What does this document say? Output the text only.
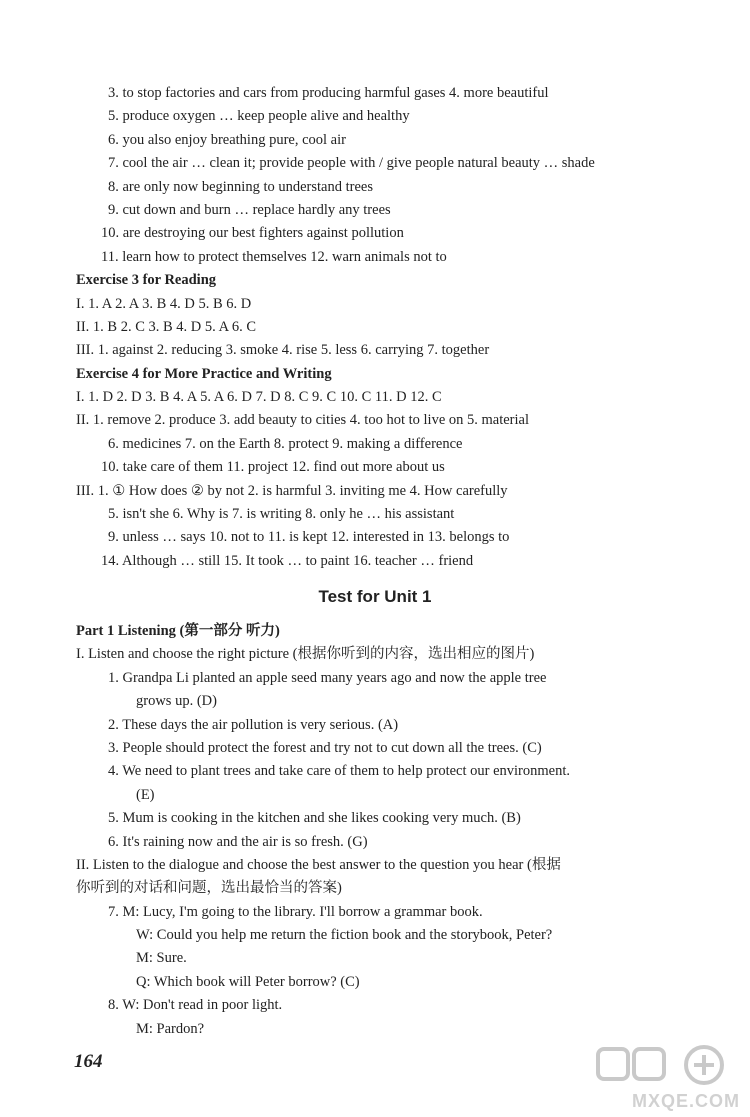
3. to stop factories and cars from producing harmful gases 4. more beautiful
5. produce oxygen … keep people alive and healthy
6. you also enjoy breathing pure, cool air
7. cool the air … clean it; provide people with / give people natural beauty … shade
8. are only now beginning to understand trees
9. cut down and burn … replace hardly any trees
10. are destroying our best fighters against pollution
11. learn how to protect themselves 12. warn animals not to
Exercise 3 for Reading
I. 1. A 2. A 3. B 4. D 5. B 6. D
II. 1. B 2. C 3. B 4. D 5. A 6. C
III. 1. against 2. reducing 3. smoke 4. rise 5. less 6. carrying 7. together
Exercise 4 for More Practice and Writing
I. 1. D 2. D 3. B 4. A 5. A 6. D 7. D 8. C 9. C 10. C 11. D 12. C
II. 1. remove 2. produce 3. add beauty to cities 4. too hot to live on 5. material
6. medicines 7. on the Earth 8. protect 9. making a difference
10. take care of them 11. project 12. find out more about us
III. 1. ① How does ② by not 2. is harmful 3. inviting me 4. How carefully
5. isn't she 6. Why is 7. is writing 8. only he … his assistant
9. unless … says 10. not to 11. is kept 12. interested in 13. belongs to
14. Although … still 15. It took … to paint 16. teacher … friend
Test for Unit 1
Part 1 Listening (第一部分 听力)
I. Listen and choose the right picture (根据你听到的内容，选出相应的图片)
1. Grandpa Li planted an apple seed many years ago and now the apple tree
grows up. (D)
2. These days the air pollution is very serious. (A)
3. People should protect the forest and try not to cut down all the trees. (C)
4. We need to plant trees and take care of them to help protect our environment.
(E)
5. Mum is cooking in the kitchen and she likes cooking very much. (B)
6. It's raining now and the air is so fresh. (G)
II. Listen to the dialogue and choose the best answer to the question you hear (根据
你听到的对话和问题，选出最恰当的答案)
7. M: Lucy, I'm going to the library. I'll borrow a grammar book.
W: Could you help me return the fiction book and the storybook, Peter?
M: Sure.
Q: Which book will Peter borrow? (C)
8. W: Don't read in poor light.
M: Pardon?
164
MXQE.COM
